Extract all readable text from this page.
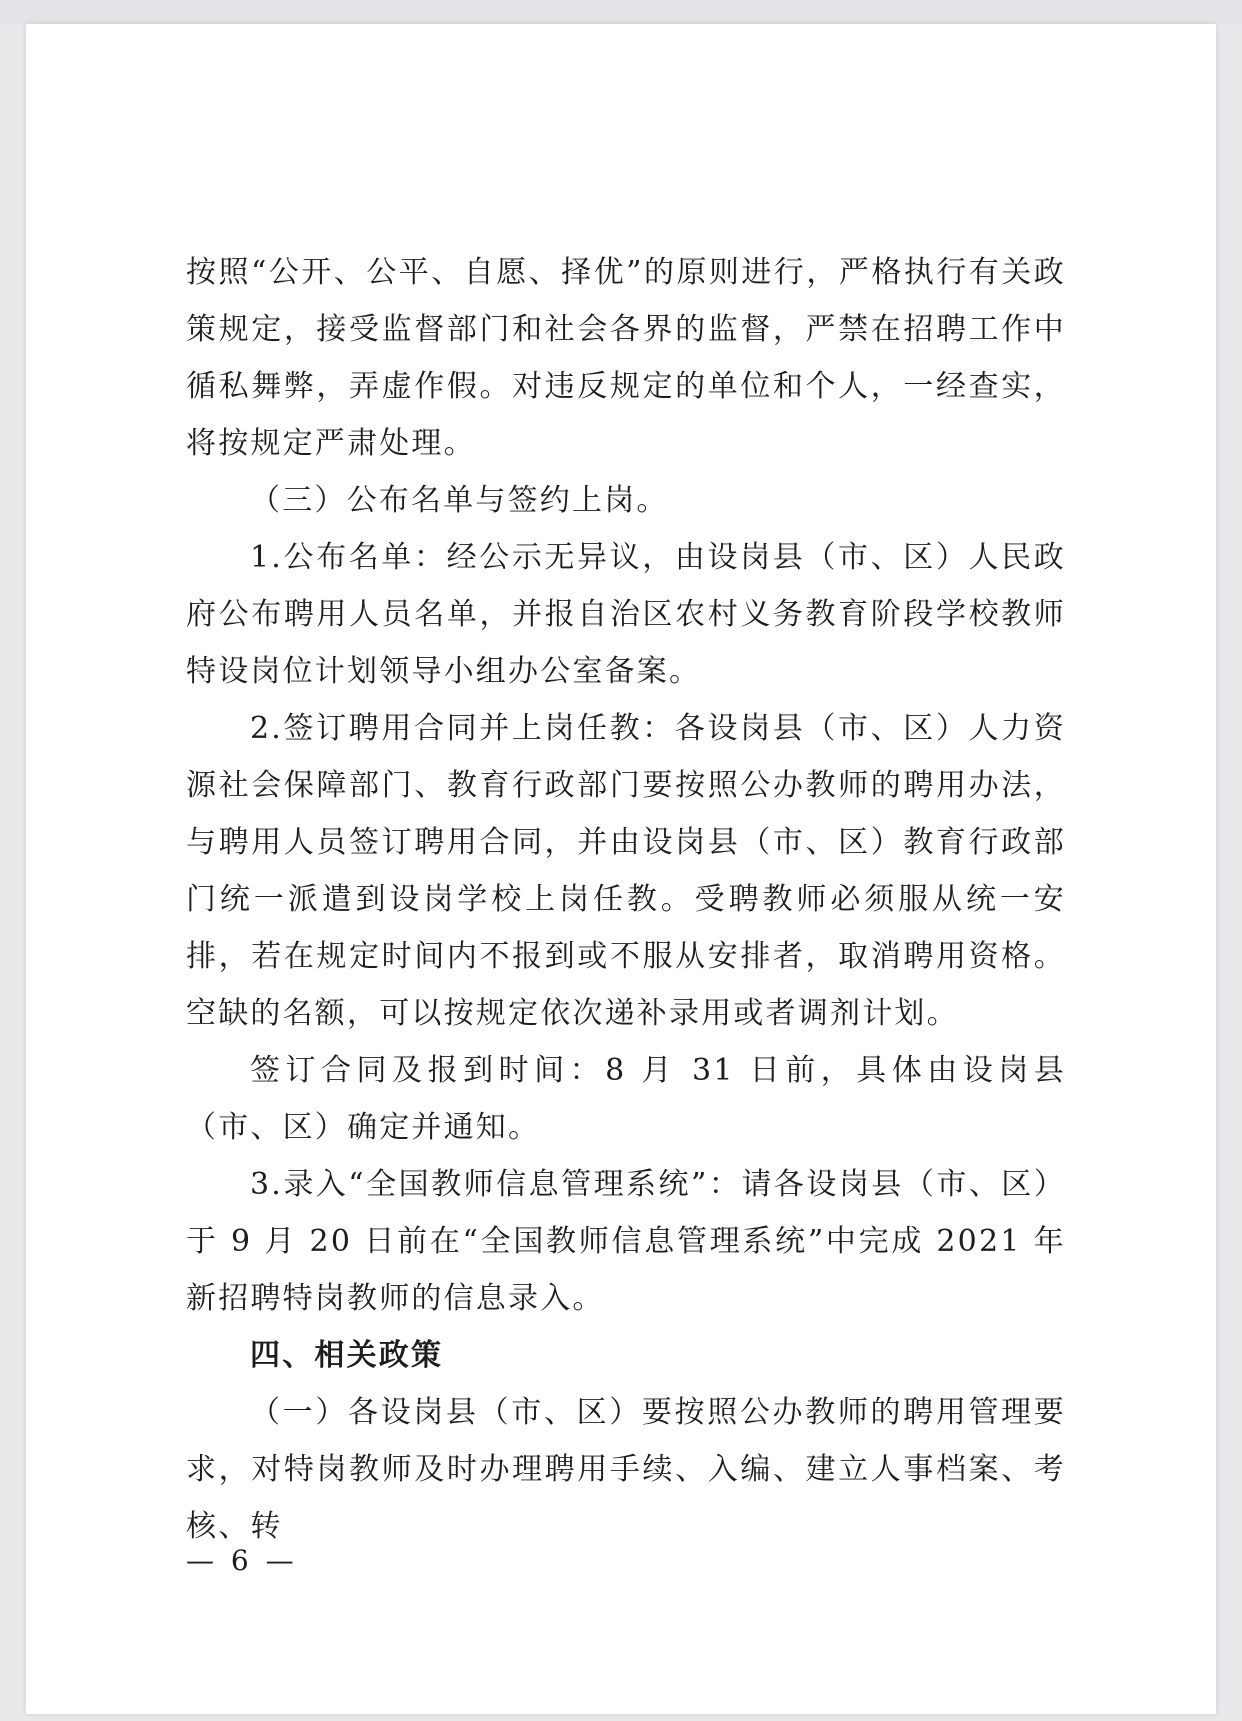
按照“公开、公平、自愿、择优”的原则进行，严格执行有关政策规定，接受监督部门和社会各界的监督，严禁在招聘工作中循私舞弊，弄虚作假。对违反规定的单位和个人，一经查实，将按规定严肃处理。

（三）公布名单与签约上岗。

1.公布名单：经公示无异议，由设岗县（市、区）人民政府公布聘用人员名单，并报自治区农村义务教育阶段学校教师特设岗位计划领导小组办公室备案。

2.签订聘用合同并上岗任教：各设岗县（市、区）人力资源社会保障部门、教育行政部门要按照公办教师的聘用办法，与聘用人员签订聘用合同，并由设岗县（市、区）教育行政部门统一派遣到设岗学校上岗任教。受聘教师必须服从统一安排，若在规定时间内不报到或不服从安排者，取消聘用资格。空缺的名额，可以按规定依次递补录用或者调剂计划。

签订合同及报到时间：8 月 31 日前，具体由设岗县（市、区）确定并通知。

3.录入“全国教师信息管理系统”：请各设岗县（市、区）于 9 月 20 日前在“全国教师信息管理系统”中完成 2021 年新招聘特岗教师的信息录入。

四、相关政策

（一）各设岗县（市、区）要按照公办教师的聘用管理要求，对特岗教师及时办理聘用手续、入编、建立人事档案、考核、转

— 6 —
